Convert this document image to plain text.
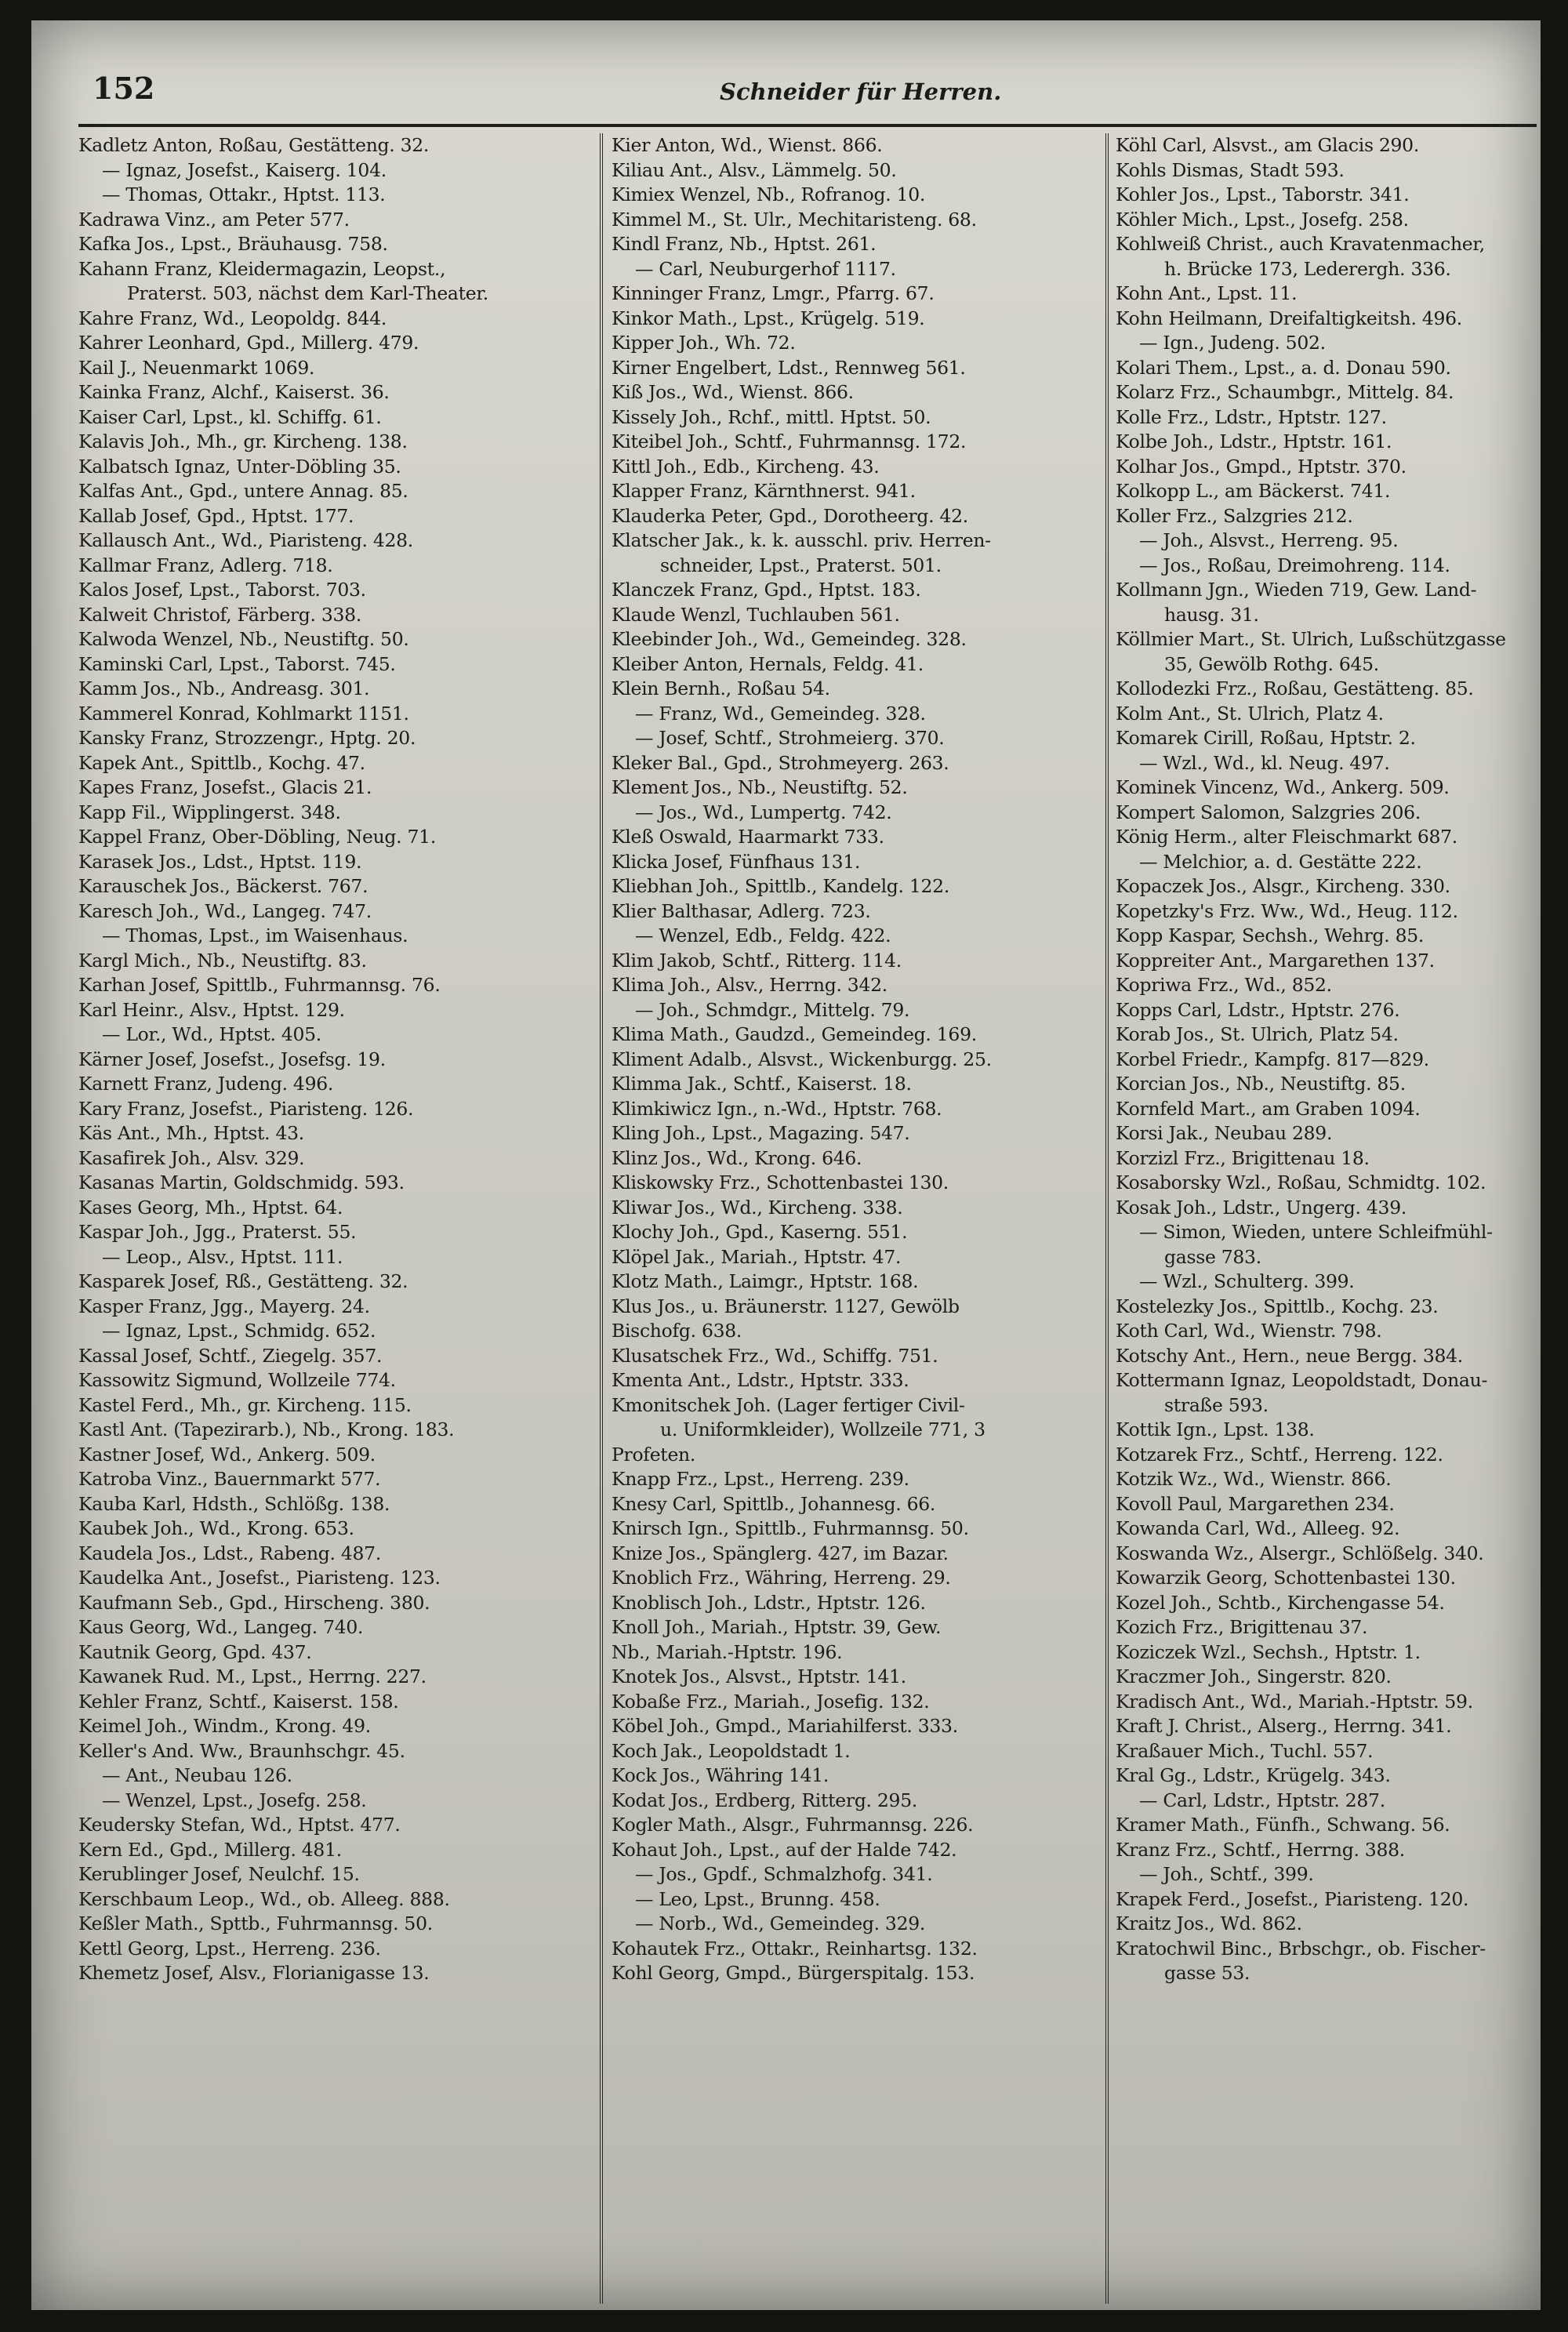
152	Schneider für Herren.

Kadletz Anton, Roßau, Gestätteng. 32.

— Ignaz, Josefst., Kaiserg. 104.

— Thomas, Ottakr., Hptst. 113.

Kadrawa Vinz., am Peter 577.

Kafka Jos., Lpst., Bräuhausg. 758.

Kahann Franz, Kleidermagazin, Leopst.,

Praterst. 503, nächst dem Karl-Theater.

Kahre Franz, Wd., Leopoldg. 844.

Kahrer Leonhard, Gpd., Millerg. 479.

Kail J., Neuenmarkt 1069.

Kainka Franz, Alchf., Kaiserst. 36.

Kaiser Carl, Lpst., kl. Schiffg. 61.

Kalavis Joh., Mh., gr. Kircheng. 138.

Kalbatsch Ignaz, Unter-Döbling 35.

Kalfas Ant., Gpd., untere Annag. 85.

Kallab Josef, Gpd., Hptst. 177.

Kallausch Ant., Wd., Piaristeng. 428.

Kallmar Franz, Adlerg. 718.

Kalos Josef, Lpst., Taborst. 703.

Kalweit Christof, Färberg. 338.

Kalwoda Wenzel, Nb., Neustiftg. 50.

Kaminski Carl, Lpst., Taborst. 745.

Kamm Jos., Nb., Andreasg. 301.

Kammerel Konrad, Kohlmarkt 1151.

Kansky Franz, Strozzengr., Hptg. 20.

Kapek Ant., Spittlb., Kochg. 47.

Kapes Franz, Josefst., Glacis 21.

Kapp Fil., Wipplingerst. 348.

Kappel Franz, Ober-Döbling, Neug. 71.

Karasek Jos., Ldst., Hptst. 119.

Karauschek Jos., Bäckerst. 767.

Karesch Joh., Wd., Langeg. 747.

— Thomas, Lpst., im Waisenhaus.

Kargl Mich., Nb., Neustiftg. 83.

Karhan Josef, Spittlb., Fuhrmannsg. 76.

Karl Heinr., Alsv., Hptst. 129.

— Lor., Wd., Hptst. 405.

Kärner Josef, Josefst., Josefsg. 19.

Karnett Franz, Judeng. 496.

Kary Franz, Josefst., Piaristeng. 126.

Käs Ant., Mh., Hptst. 43.

Kasafirek Joh., Alsv. 329.

Kasanas Martin, Goldschmidg. 593.

Kases Georg, Mh., Hptst. 64.

Kaspar Joh., Jgg., Praterst. 55.

— Leop., Alsv., Hptst. 111.

Kasparek Josef, Rß., Gestätteng. 32.

Kasper Franz, Jgg., Mayerg. 24.

— Ignaz, Lpst., Schmidg. 652.

Kassal Josef, Schtf., Ziegelg. 357.

Kassowitz Sigmund, Wollzeile 774.

Kastel Ferd., Mh., gr. Kircheng. 115.

Kastl Ant. (Tapezirarb.), Nb., Krong. 183.

Kastner Josef, Wd., Ankerg. 509.

Katroba Vinz., Bauernmarkt 577.

Kauba Karl, Hdsth., Schlößg. 138.

Kaubek Joh., Wd., Krong. 653.

Kaudela Jos., Ldst., Rabeng. 487.

Kaudelka Ant., Josefst., Piaristeng. 123.

Kaufmann Seb., Gpd., Hirscheng. 380.

Kaus Georg, Wd., Langeg. 740.

Kautnik Georg, Gpd. 437.

Kawanek Rud. M., Lpst., Herrng. 227.

Kehler Franz, Schtf., Kaiserst. 158.

Keimel Joh., Windm., Krong. 49.

Keller's And. Ww., Braunhschgr. 45.

— Ant., Neubau 126.

— Wenzel, Lpst., Josefg. 258.

Keudersky Stefan, Wd., Hptst. 477.

Kern Ed., Gpd., Millerg. 481.

Kerublinger Josef, Neulchf. 15.

Kerschbaum Leop., Wd., ob. Alleeg. 888.

Keßler Math., Spttb., Fuhrmannsg. 50.

Kettl Georg, Lpst., Herreng. 236.

Khemetz Josef, Alsv., Florianigasse 13.

Kier Anton, Wd., Wienst. 866.

Kiliau Ant., Alsv., Lämmelg. 50.

Kimiex Wenzel, Nb., Rofranog. 10.

Kimmel M., St. Ulr., Mechitaristeng. 68.

Kindl Franz, Nb., Hptst. 261.

— Carl, Neuburgerhof 1117.

Kinninger Franz, Lmgr., Pfarrg. 67.

Kinkor Math., Lpst., Krügelg. 519.

Kipper Joh., Wh. 72.

Kirner Engelbert, Ldst., Rennweg 561.

Kiß Jos., Wd., Wienst. 866.

Kissely Joh., Rchf., mittl. Hptst. 50.

Kiteibel Joh., Schtf., Fuhrmannsg. 172.

Kittl Joh., Edb., Kircheng. 43.

Klapper Franz, Kärnthnerst. 941.

Klauderka Peter, Gpd., Dorotheerg. 42.

Klatscher Jak., k. k. ausschl. priv. Herren-

schneider, Lpst., Praterst. 501.

Klanczek Franz, Gpd., Hptst. 183.

Klaude Wenzl, Tuchlauben 561.

Kleebinder Joh., Wd., Gemeindeg. 328.

Kleiber Anton, Hernals, Feldg. 41.

Klein Bernh., Roßau 54.

— Franz, Wd., Gemeindeg. 328.

— Josef, Schtf., Strohmeierg. 370.

Kleker Bal., Gpd., Strohmeyerg. 263.

Klement Jos., Nb., Neustiftg. 52.

— Jos., Wd., Lumpertg. 742.

Kleß Oswald, Haarmarkt 733.

Klicka Josef, Fünfhaus 131.

Kliebhan Joh., Spittlb., Kandelg. 122.

Klier Balthasar, Adlerg. 723.

— Wenzel, Edb., Feldg. 422.

Klim Jakob, Schtf., Ritterg. 114.

Klima Joh., Alsv., Herrng. 342.

— Joh., Schmdgr., Mittelg. 79.

Klima Math., Gaudzd., Gemeindeg. 169.

Kliment Adalb., Alsvst., Wickenburgg. 25.

Klimma Jak., Schtf., Kaiserst. 18.

Klimkiwicz Ign., n.-Wd., Hptstr. 768.

Kling Joh., Lpst., Magazing. 547.

Klinz Jos., Wd., Krong. 646.

Kliskowsky Frz., Schottenbastei 130.

Kliwar Jos., Wd., Kircheng. 338.

Klochy Joh., Gpd., Kaserng. 551.

Klöpel Jak., Mariah., Hptstr. 47.

Klotz Math., Laimgr., Hptstr. 168.

Klus Jos., u. Bräunerstr. 1127, Gewölb

Bischofg. 638.

Klusatschek Frz., Wd., Schiffg. 751.

Kmenta Ant., Ldstr., Hptstr. 333.

Kmonitschek Joh. (Lager fertiger Civil-

u. Uniformkleider), Wollzeile 771, 3

Profeten.

Knapp Frz., Lpst., Herreng. 239.

Knesy Carl, Spittlb., Johannesg. 66.

Knirsch Ign., Spittlb., Fuhrmannsg. 50.

Knize Jos., Spänglerg. 427, im Bazar.

Knoblich Frz., Währing, Herreng. 29.

Knoblisch Joh., Ldstr., Hptstr. 126.

Knoll Joh., Mariah., Hptstr. 39, Gew.

Nb., Mariah.-Hptstr. 196.

Knotek Jos., Alsvst., Hptstr. 141.

Kobaße Frz., Mariah., Josefig. 132.

Köbel Joh., Gmpd., Mariahilferst. 333.

Koch Jak., Leopoldstadt 1.

Kock Jos., Währing 141.

Kodat Jos., Erdberg, Ritterg. 295.

Kogler Math., Alsgr., Fuhrmannsg. 226.

Kohaut Joh., Lpst., auf der Halde 742.

— Jos., Gpdf., Schmalzhofg. 341.

— Leo, Lpst., Brunng. 458.

— Norb., Wd., Gemeindeg. 329.

Kohautek Frz., Ottakr., Reinhartsg. 132.

Kohl Georg, Gmpd., Bürgerspitalg. 153.

Köhl Carl, Alsvst., am Glacis 290.

Kohls Dismas, Stadt 593.

Kohler Jos., Lpst., Taborstr. 341.

Köhler Mich., Lpst., Josefg. 258.

Kohlweiß Christ., auch Kravatenmacher,

h. Brücke 173, Lederergh. 336.

Kohn Ant., Lpst. 11.

Kohn Heilmann, Dreifaltigkeitsh. 496.

— Ign., Judeng. 502.

Kolari Them., Lpst., a. d. Donau 590.

Kolarz Frz., Schaumbgr., Mittelg. 84.

Kolle Frz., Ldstr., Hptstr. 127.

Kolbe Joh., Ldstr., Hptstr. 161.

Kolhar Jos., Gmpd., Hptstr. 370.

Kolkopp L., am Bäckerst. 741.

Koller Frz., Salzgries 212.

— Joh., Alsvst., Herreng. 95.

— Jos., Roßau, Dreimohreng. 114.

Kollmann Jgn., Wieden 719, Gew. Land-

hausg. 31.

Köllmier Mart., St. Ulrich, Lußschützgasse

35, Gewölb Rothg. 645.

Kollodezki Frz., Roßau, Gestätteng. 85.

Kolm Ant., St. Ulrich, Platz 4.

Komarek Cirill, Roßau, Hptstr. 2.

— Wzl., Wd., kl. Neug. 497.

Kominek Vincenz, Wd., Ankerg. 509.

Kompert Salomon, Salzgries 206.

König Herm., alter Fleischmarkt 687.

— Melchior, a. d. Gestätte 222.

Kopaczek Jos., Alsgr., Kircheng. 330.

Kopetzky's Frz. Ww., Wd., Heug. 112.

Kopp Kaspar, Sechsh., Wehrg. 85.

Koppreiter Ant., Margarethen 137.

Kopriwa Frz., Wd., 852.

Kopps Carl, Ldstr., Hptstr. 276.

Korab Jos., St. Ulrich, Platz 54.

Korbel Friedr., Kampfg. 817—829.

Korcian Jos., Nb., Neustiftg. 85.

Kornfeld Mart., am Graben 1094.

Korsi Jak., Neubau 289.

Korzizl Frz., Brigittenau 18.

Kosaborsky Wzl., Roßau, Schmidtg. 102.

Kosak Joh., Ldstr., Ungerg. 439.

— Simon, Wieden, untere Schleifmühl-

gasse 783.

— Wzl., Schulterg. 399.

Kostelezky Jos., Spittlb., Kochg. 23.

Koth Carl, Wd., Wienstr. 798.

Kotschy Ant., Hern., neue Bergg. 384.

Kottermann Ignaz, Leopoldstadt, Donau-

straße 593.

Kottik Ign., Lpst. 138.

Kotzarek Frz., Schtf., Herreng. 122.

Kotzik Wz., Wd., Wienstr. 866.

Kovoll Paul, Margarethen 234.

Kowanda Carl, Wd., Alleeg. 92.

Koswanda Wz., Alsergr., Schlößelg. 340.

Kowarzik Georg, Schottenbastei 130.

Kozel Joh., Schtb., Kirchengasse 54.

Kozich Frz., Brigittenau 37.

Koziczek Wzl., Sechsh., Hptstr. 1.

Kraczmer Joh., Singerstr. 820.

Kradisch Ant., Wd., Mariah.-Hptstr. 59.

Kraft J. Christ., Alserg., Herrng. 341.

Kraßauer Mich., Tuchl. 557.

Kral Gg., Ldstr., Krügelg. 343.

— Carl, Ldstr., Hptstr. 287.

Kramer Math., Fünfh., Schwang. 56.

Kranz Frz., Schtf., Herrng. 388.

— Joh., Schtf., 399.

Krapek Ferd., Josefst., Piaristeng. 120.

Kraitz Jos., Wd. 862.

Kratochwil Binc., Brbschgr., ob. Fischer-

gasse 53.
